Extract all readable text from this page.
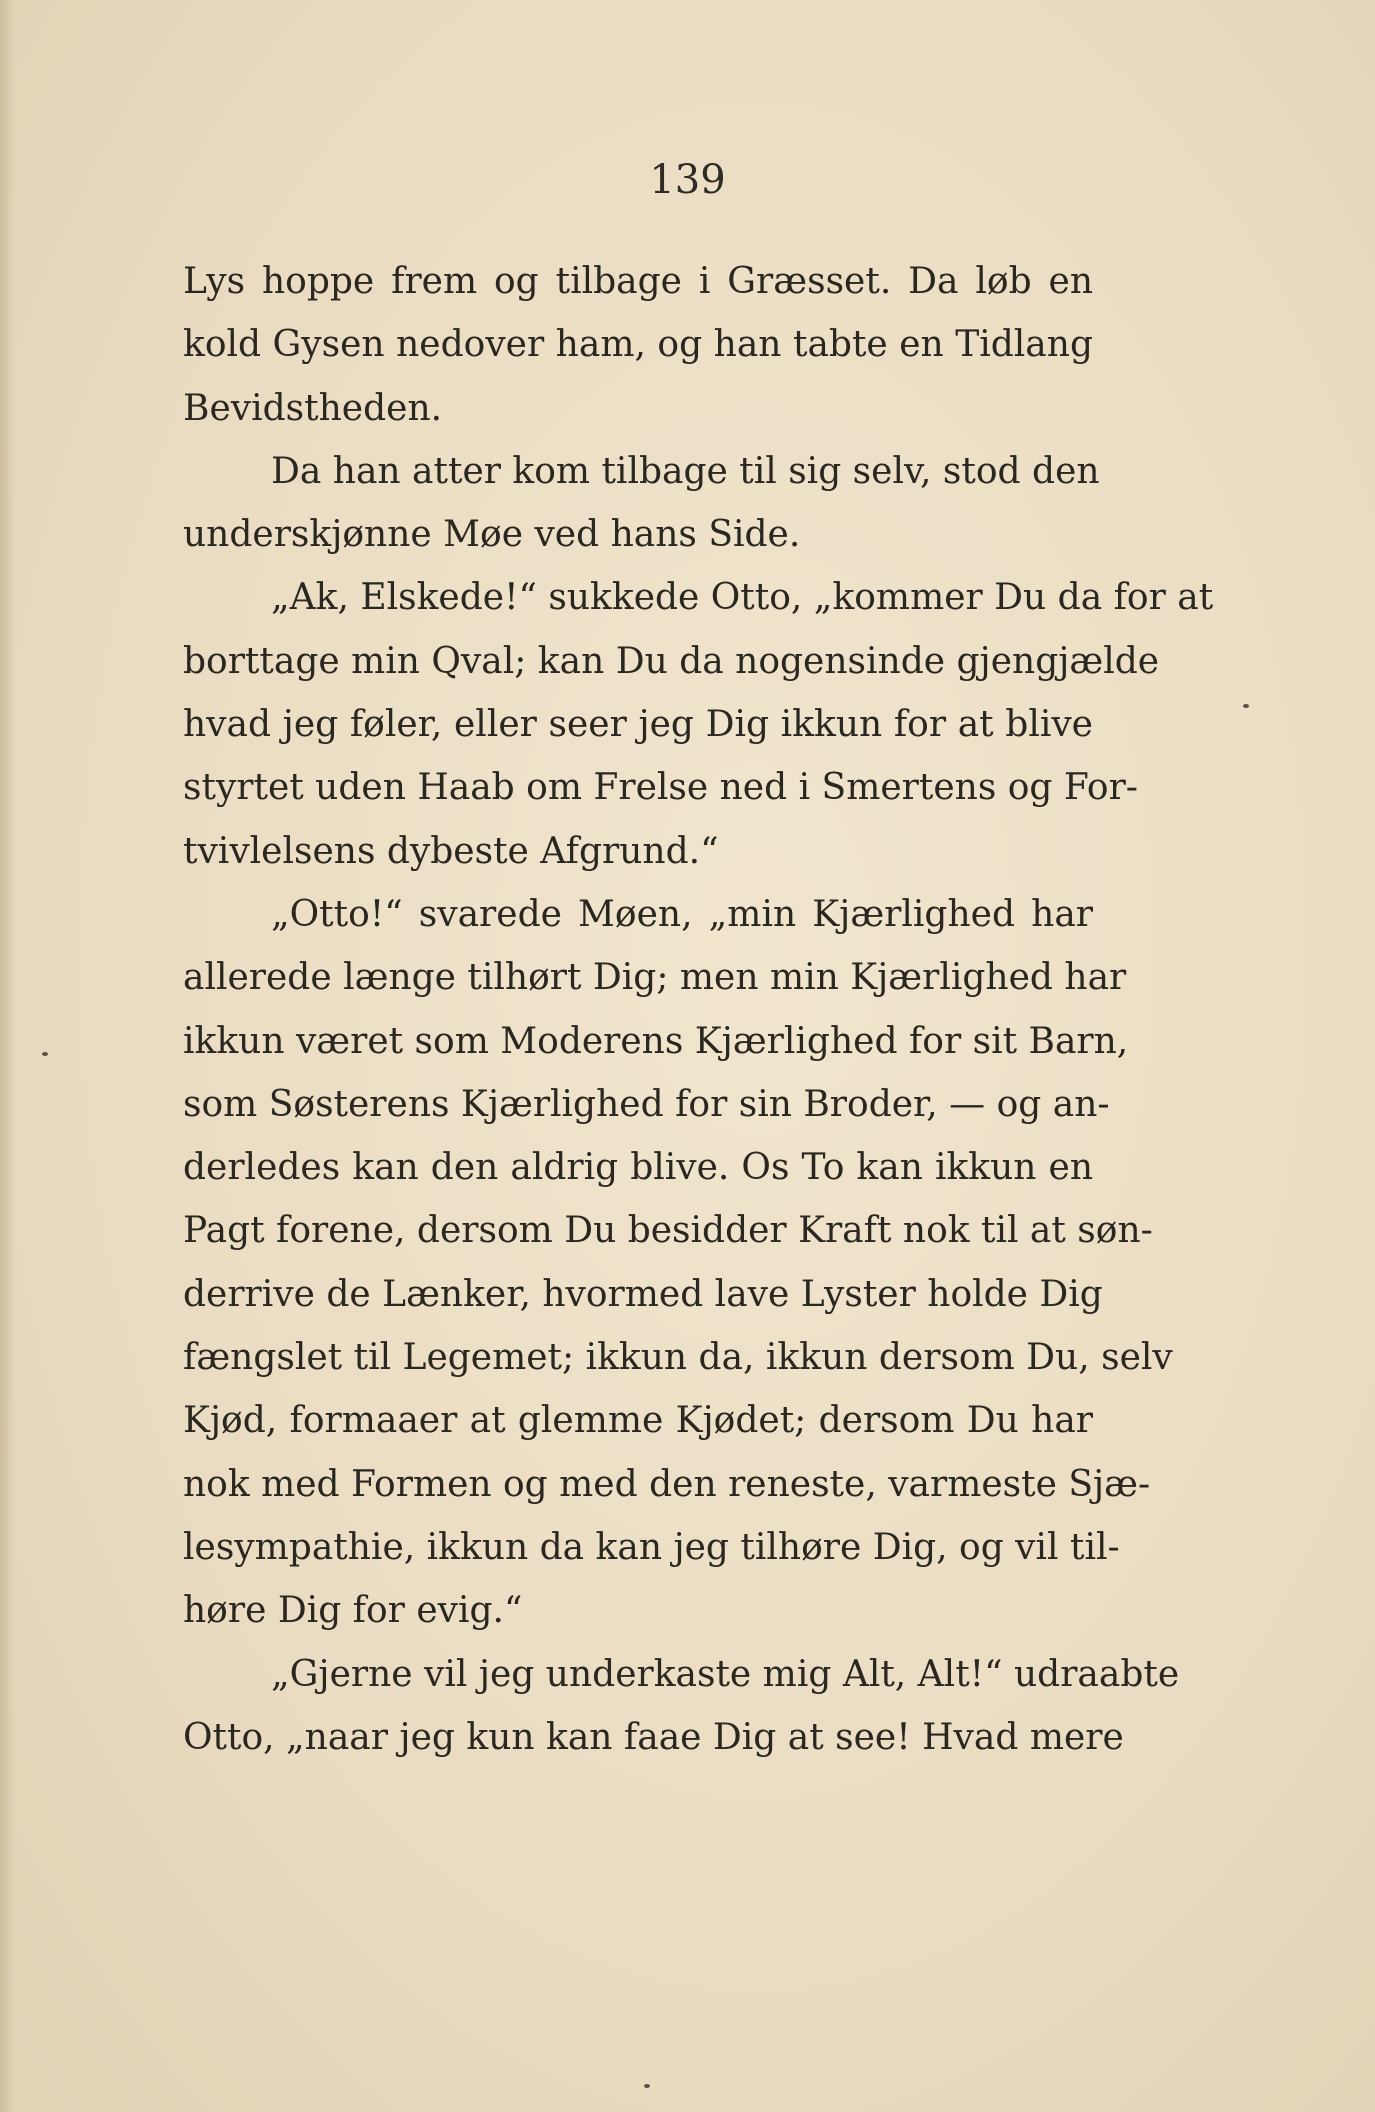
139
Lys hoppe frem og tilbage i Græsset. Da løb en
kold Gysen nedover ham, og han tabte en Tidlang
Bevidstheden.
Da han atter kom tilbage til sig selv, stod den
underskjønne Møe ved hans Side.
„Ak, Elskede!“ sukkede Otto, „kommer Du da for at
borttage min Qval; kan Du da nogensinde gjengjælde
hvad jeg føler, eller seer jeg Dig ikkun for at blive
styrtet uden Haab om Frelse ned i Smertens og For-
tvivlelsens dybeste Afgrund.“
„Otto!“ svarede Møen, „min Kjærlighed har
allerede længe tilhørt Dig; men min Kjærlighed har
ikkun været som Moderens Kjærlighed for sit Barn,
som Søsterens Kjærlighed for sin Broder, — og an-
derledes kan den aldrig blive. Os To kan ikkun en
Pagt forene, dersom Du besidder Kraft nok til at søn-
derrive de Lænker, hvormed lave Lyster holde Dig
fængslet til Legemet; ikkun da, ikkun dersom Du, selv
Kjød, formaaer at glemme Kjødet; dersom Du har
nok med Formen og med den reneste, varmeste Sjæ-
lesympathie, ikkun da kan jeg tilhøre Dig, og vil til-
høre Dig for evig.“
„Gjerne vil jeg underkaste mig Alt, Alt!“ udraabte
Otto, „naar jeg kun kan faae Dig at see! Hvad mere
